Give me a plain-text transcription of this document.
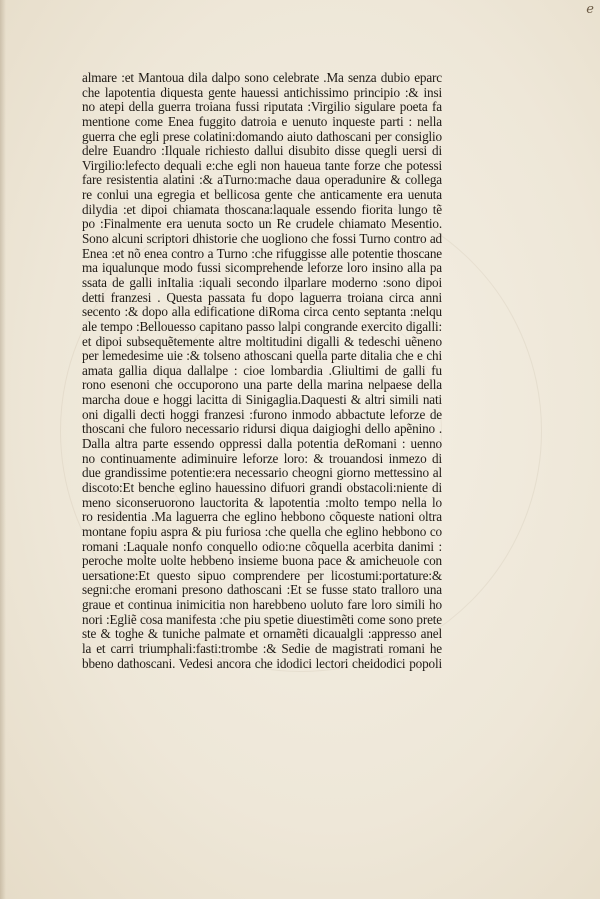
e
almare :et Mantoua dila dalpo sono celebrate .Ma senza dubio eparc
che lapotentia diquesta gente hauessi antichissimo principio :& insi
no atepi della guerra troiana fussi riputata :Virgilio sigulare poeta fa
mentione come Enea fuggito datroia e uenuto inqueste parti : nella
guerra che egli prese colatini:domando aiuto dathoscani per consiglio
delre Euandro :Ilquale richiesto dallui disubito disse quegli uersi di
Virgilio:lefecto dequali e:che egli non haueua tante forze che potessi
fare resistentia alatini :& aTurno:mache daua operadunire & collega
re conlui una egregia et bellicosa gente che anticamente era uenuta
dilydia :et dipoi chiamata thoscana:laquale essendo fiorita lungo tẽ
po :Finalmente era uenuta socto un Re crudele chiamato Mesentio.
Sono alcuni scriptori dhistorie che uogliono che fossi Turno contro ad
Enea :et nõ enea contro a Turno :che rifuggisse alle potentie thoscane
ma iqualunque modo fussi sicomprehende leforze loro insino alla pa
ssata de galli inItalia :iquali secondo ilparlare moderno :sono dipoi
detti franzesi . Questa passata fu dopo laguerra troiana circa anni
secento :& dopo alla edificatione diRoma circa cento septanta :nelqu
ale tempo :Bellouesso capitano passo lalpi congrande exercito digalli:
et dipoi subsequẽtemente altre moltitudini digalli & tedeschi uẽneno
per lemedesime uie :& tolseno athoscani quella parte ditalia che e chi
amata gallia diqua dallalpe : cioe lombardia .Gliultimi de galli fu
rono esenoni che occuporono una parte della marina nelpaese della
marcha doue e hoggi lacitta di Sinigaglia.Daquesti & altri simili nati
oni digalli decti hoggi franzesi :furono inmodo abbactute leforze de
thoscani che fuloro necessario ridursi diqua daigioghi dello apẽnino .
Dalla altra parte essendo oppressi dalla potentia deRomani : uenno
no continuamente adiminuire leforze loro: & trouandosi inmezo di
due grandissime potentie:era necessario cheogni giorno mettessino al
discoto:Et benche eglino hauessino difuori grandi obstacoli:niente di
meno siconseruorono lauctorita & lapotentia :molto tempo nella lo
ro residentia .Ma laguerra che eglino hebbono cõqueste nationi oltra
montane fopiu aspra & piu furiosa :che quella che eglino hebbono co
romani :Laquale nonfo conquello odio:ne cõquella acerbita danimi :
peroche molte uolte hebbeno insieme buona pace & amicheuole con
uersatione:Et questo sipuo comprendere per licostumi:portature:&
segni:che eromani presono dathoscani :Et se fusse stato tralloro una
graue et continua inimicitia non harebbeno uoluto fare loro simili ho
nori :Egliẽ cosa manifesta :che piu spetie diuestimẽti come sono prete
ste & toghe & tuniche palmate et ornamẽti dicaualgli :appresso anel
la et carri triumphali:fasti:trombe :& Sedie de magistrati romani he
bbeno dathoscani. Vedesi ancora che idodici lectori cheidodici popoli
